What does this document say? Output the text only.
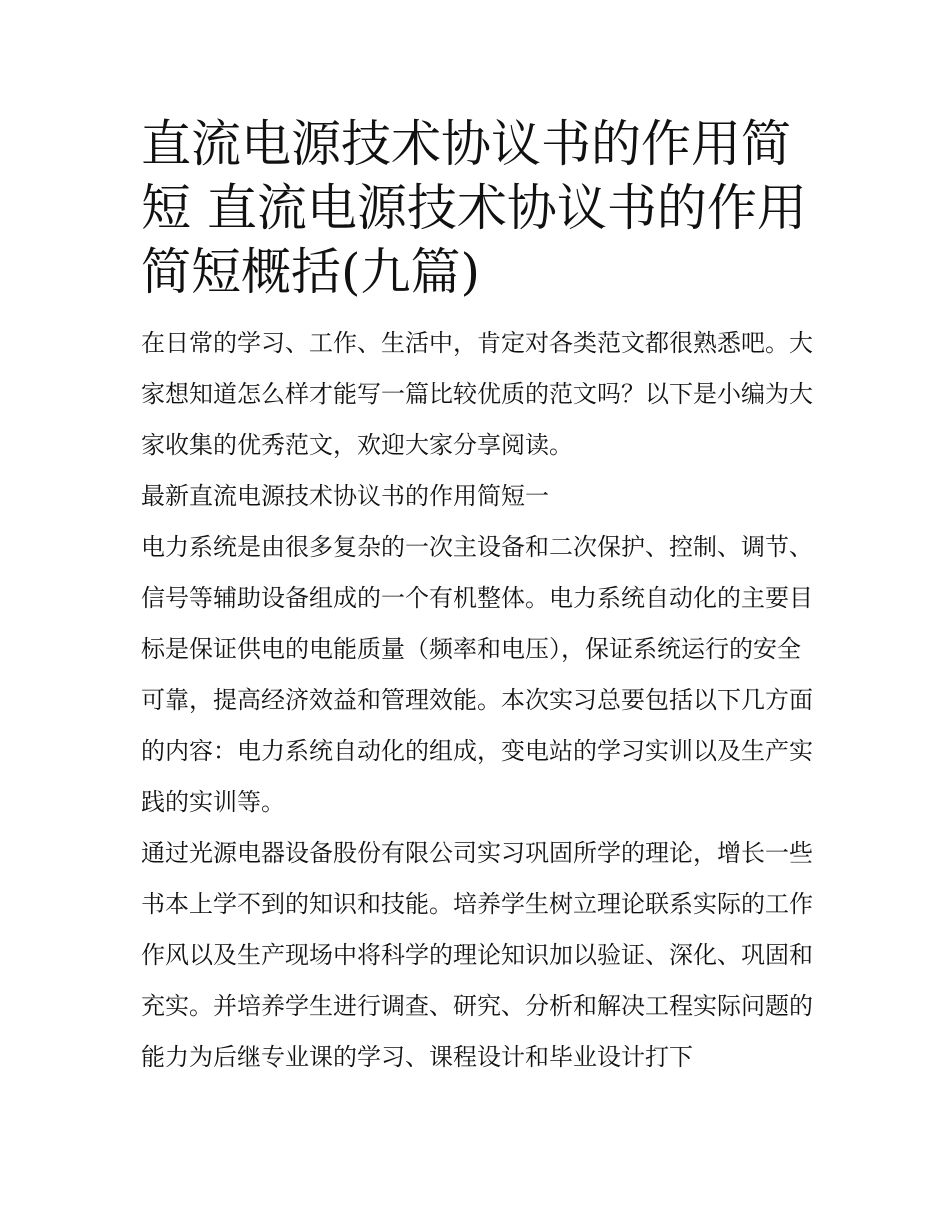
直流电源技术协议书的作用简短 直流电源技术协议书的作用简短概括(九篇)

在日常的学习、工作、生活中，肯定对各类范文都很熟悉吧。大家想知道怎么样才能写一篇比较优质的范文吗？以下是小编为大家收集的优秀范文，欢迎大家分享阅读。

最新直流电源技术协议书的作用简短一

电力系统是由很多复杂的一次主设备和二次保护、控制、调节、信号等辅助设备组成的一个有机整体。电力系统自动化的主要目标是保证供电的电能质量（频率和电压），保证系统运行的安全可靠，提高经济效益和管理效能。本次实习总要包括以下几方面的内容：电力系统自动化的组成，变电站的学习实训以及生产实践的实训等。

通过光源电器设备股份有限公司实习巩固所学的理论，增长一些书本上学不到的知识和技能。培养学生树立理论联系实际的工作作风以及生产现场中将科学的理论知识加以验证、深化、巩固和充实。并培养学生进行调查、研究、分析和解决工程实际问题的能力为后继专业课的学习、课程设计和毕业设计打下
